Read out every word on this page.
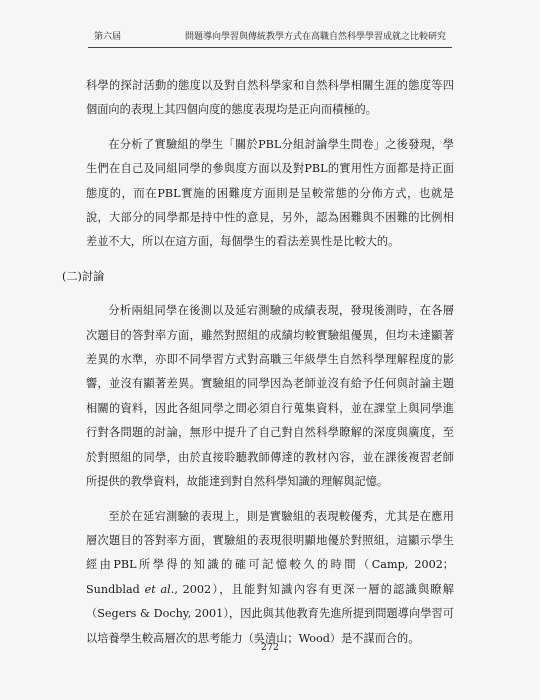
第六屆	問題導向學習與傳統教學方式在高職自然科學學習成就之比較研究

科學的探討活動的態度以及對自然科學家和自然科學相關生涯的態度等四個面向的表現上其四個向度的態度表現均是正向而積極的。

在分析了實驗組的學生「關於PBL分組討論學生問卷」之後發現，學生們在自己及同組同學的參與度方面以及對PBL的實用性方面都是持正面態度的，而在PBL實施的困難度方面則是呈較常態的分佈方式，也就是說，大部分的同學都是持中性的意見，另外，認為困難與不困難的比例相差並不大，所以在這方面，每個學生的看法差異性是比較大的。

(二)討論

分析兩組同學在後測以及延宕測驗的成績表現，發現後測時，在各層次題目的答對率方面，雖然對照組的成績均較實驗組優異，但均未達顯著差異的水準，亦即不同學習方式對高職三年級學生自然科學理解程度的影響，並沒有顯著差異。實驗組的同學因為老師並沒有給予任何與討論主題相關的資料，因此各組同學之間必須自行蒐集資料，並在課堂上與同學進行對各問題的討論，無形中提升了自己對自然科學瞭解的深度與廣度，至於對照組的同學，由於直接聆聽教師傳達的教材內容，並在課後複習老師所提供的教學資料，故能達到對自然科學知識的理解與記憶。

至於在延宕測驗的表現上，則是實驗組的表現較優秀，尤其是在應用層次題目的答對率方面，實驗組的表現很明顯地優於對照組，這顯示學生經由PBL所學得的知識的確可記憶較久的時間（Camp, 2002；Sundblad et al., 2002），且能對知識內容有更深一層的認識與瞭解（Segers & Dochy, 2001），因此與其他教育先進所提到問題導向學習可以培養學生較高層次的思考能力（吳清山；Wood）是不謀而合的。

272
